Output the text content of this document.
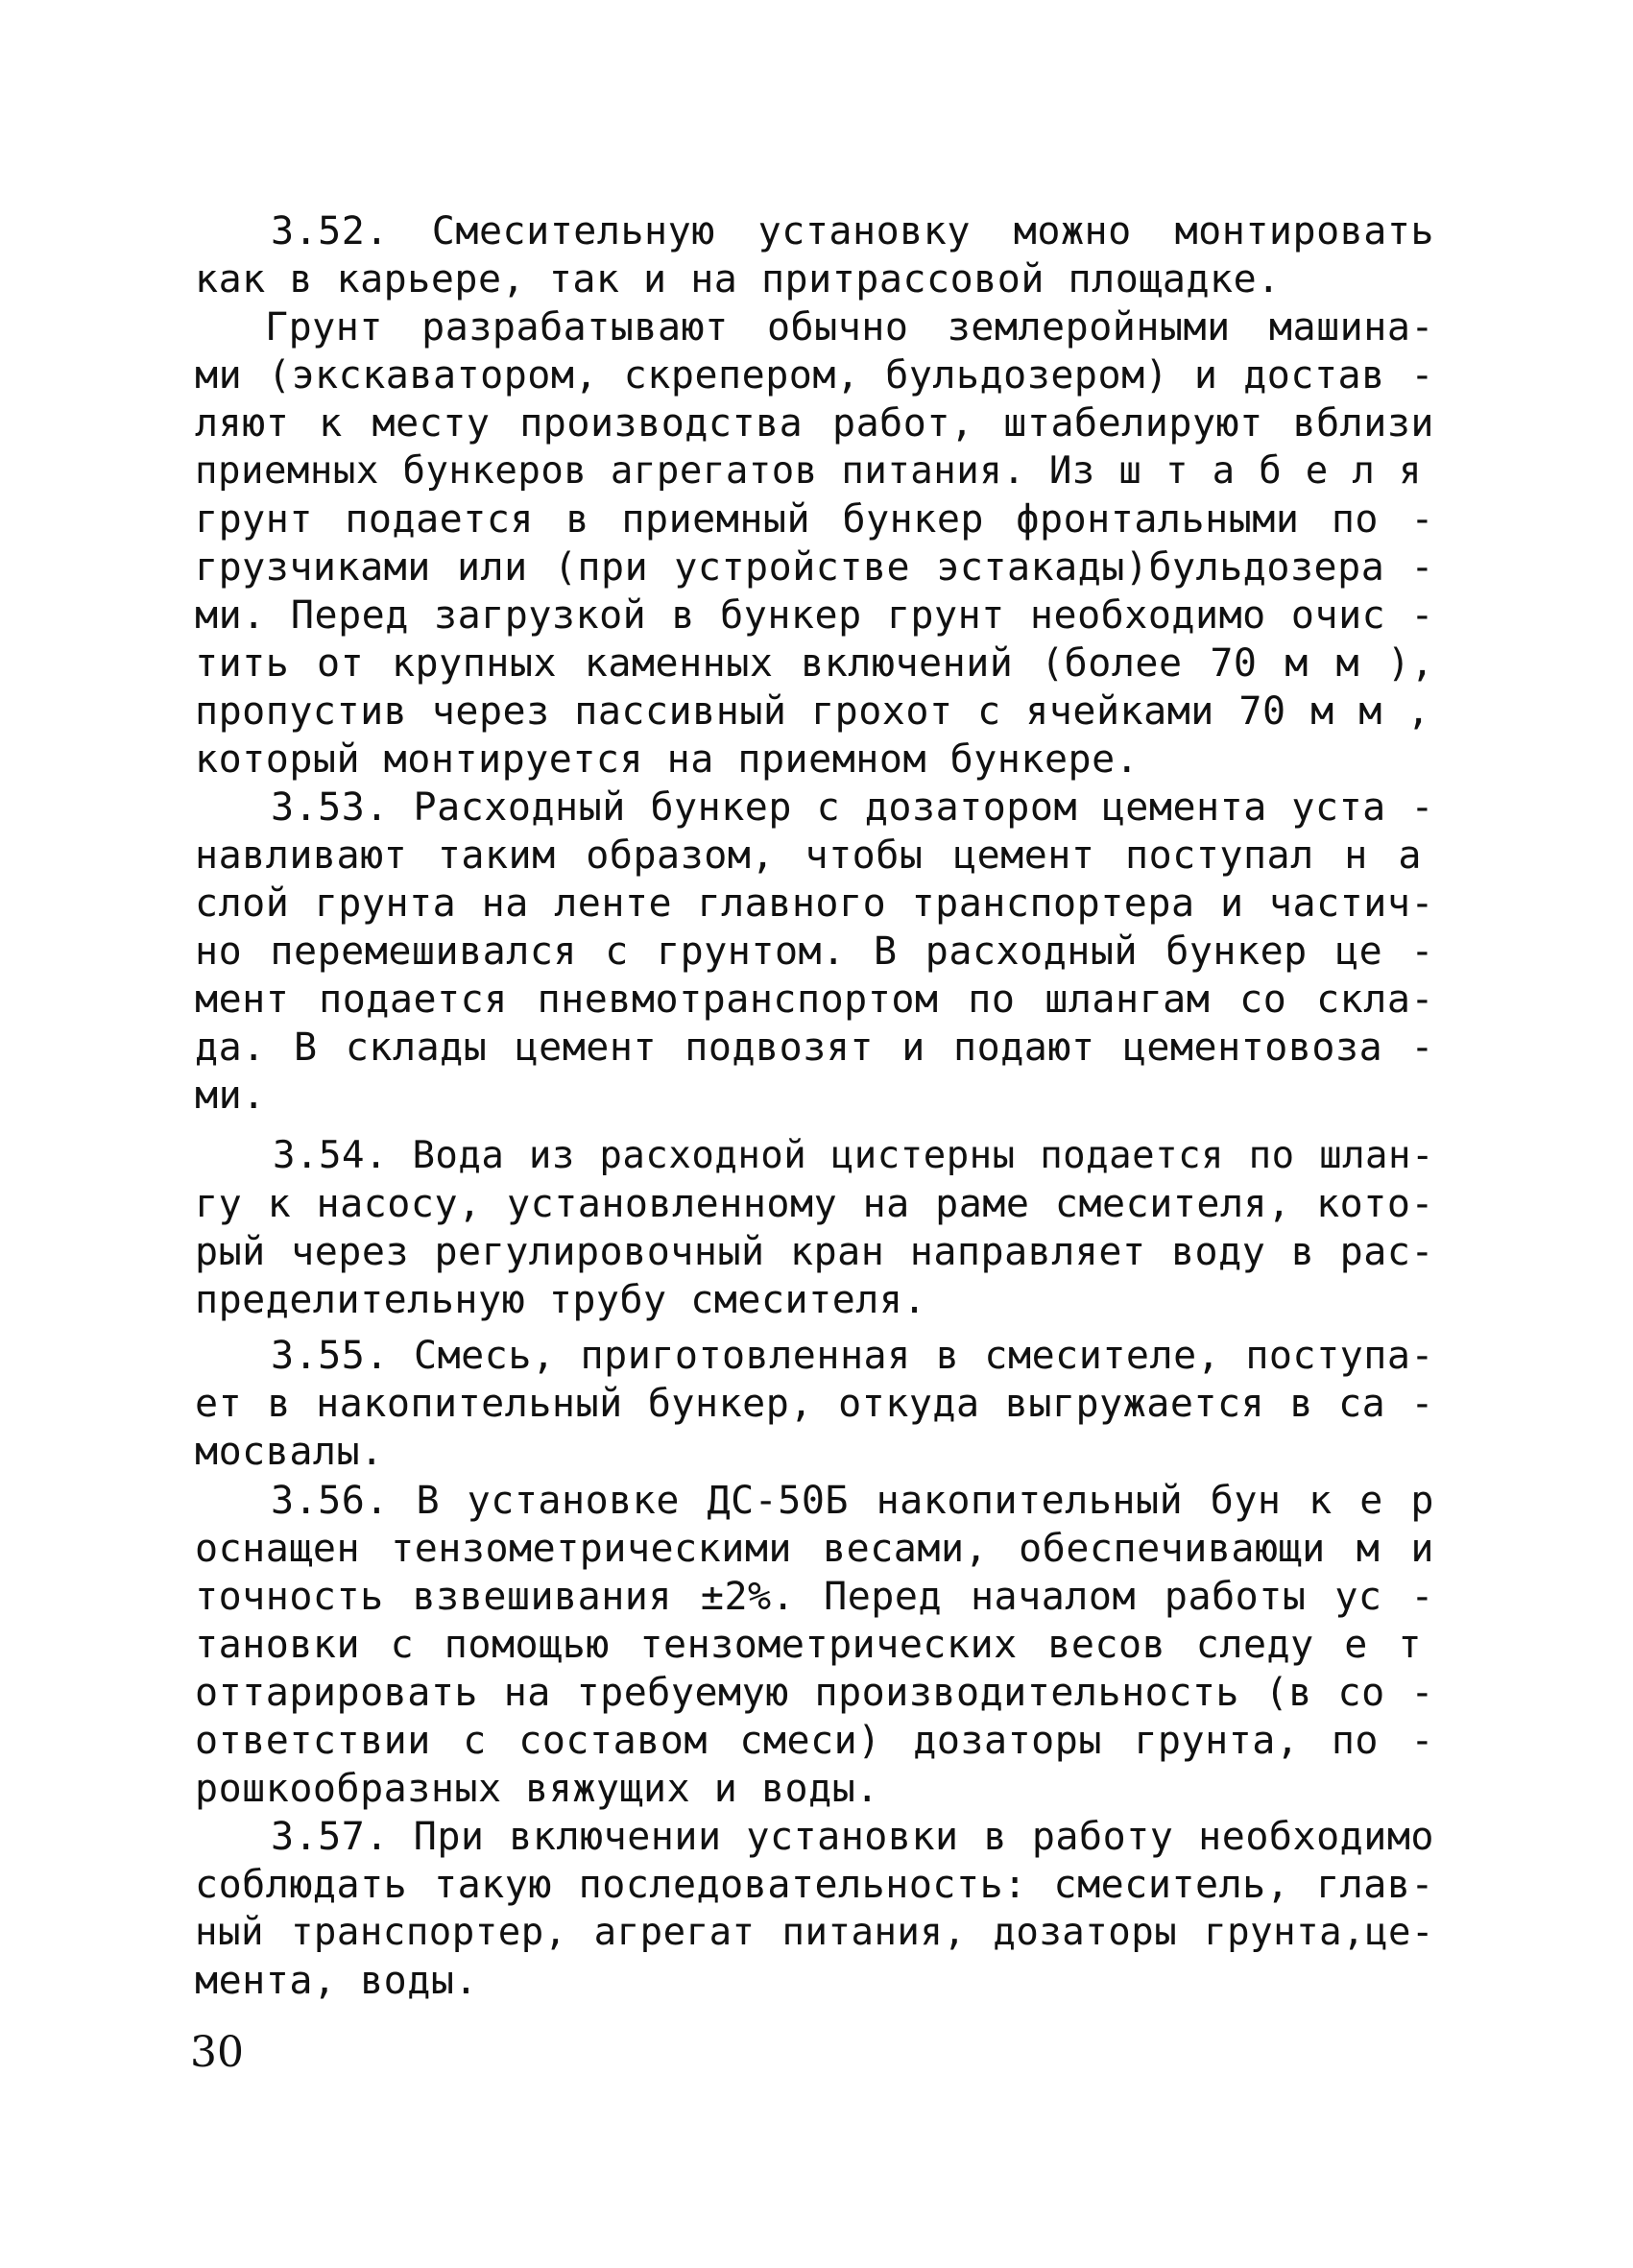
3.52. Смесительную установку можно монтировать
как в карьере, так и на притрассовой площадке.
Грунт разрабатывают обычно землеройными машина-
ми (экскаватором, скрепером, бульдозером) и достав -
ляют к месту производства работ, штабелируют вблизи
приемных бункеров агрегатов питания. Из ш т а б е л я
грунт подается в приемный бункер фронтальными по -
грузчиками или (при устройстве эстакады)бульдозера -
ми. Перед загрузкой в бункер грунт необходимо очис -
тить от крупных каменных включений (более 70 м м ),
пропустив через пассивный грохот с ячейками 70 м м ,
который монтируется на приемном бункере.
3.53. Расходный бункер с дозатором цемента уста -
навливают таким образом, чтобы цемент поступал н а
слой грунта на ленте главного транспортера и частич-
но перемешивался с грунтом. В расходный бункер це -
мент подается пневмотранспортом по шлангам со скла-
да. В склады цемент подвозят и подают цементовоза -
ми.
3.54. Вода из расходной цистерны подается по шлан-
гу к насосу, установленному на раме смесителя, кото-
рый через регулировочный кран направляет воду в рас-
пределительную трубу смесителя.
3.55. Смесь, приготовленная в смесителе, поступа-
ет в накопительный бункер, откуда выгружается в са -
мосвалы.
3.56. В установке ДС-50Б накопительный бун к е р
оснащен тензометрическими весами, обеспечивающи м и
точность взвешивания ±2%. Перед началом работы ус -
тановки с помощью тензометрических весов следу е т
оттарировать на требуемую производительность (в со -
ответствии с составом смеси) дозаторы грунта, по -
рошкообразных вяжущих и воды.
3.57. При включении установки в работу необходимо
соблюдать такую последовательность: смеситель, глав-
ный транспортер, агрегат питания, дозаторы грунта,це-
мента, воды.
30
